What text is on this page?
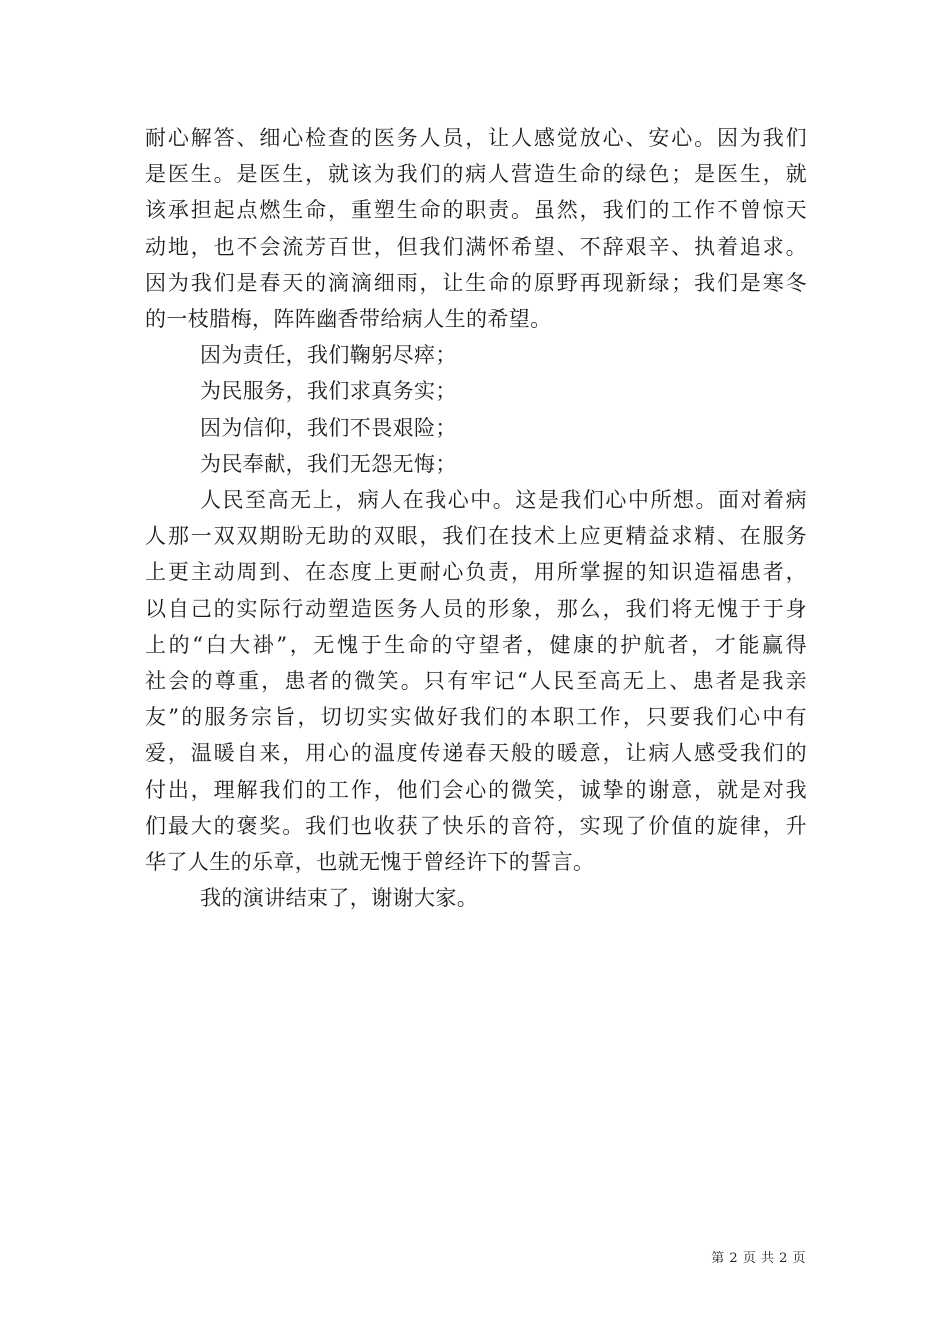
耐心解答、细心检查的医务人员，让人感觉放心、安心。因为我们
是医生。是医生，就该为我们的病人营造生命的绿色；是医生，就
该承担起点燃生命，重塑生命的职责。虽然，我们的工作不曾惊天
动地，也不会流芳百世，但我们满怀希望、不辞艰辛、执着追求。
因为我们是春天的滴滴细雨，让生命的原野再现新绿；我们是寒冬
的一枝腊梅，阵阵幽香带给病人生的希望。

因为责任，我们鞠躬尽瘁；

为民服务，我们求真务实；

因为信仰，我们不畏艰险；

为民奉献，我们无怨无悔；

人民至高无上，病人在我心中。这是我们心中所想。面对着病
人那一双双期盼无助的双眼，我们在技术上应更精益求精、在服务
上更主动周到、在态度上更耐心负责，用所掌握的知识造福患者，
以自己的实际行动塑造医务人员的形象，那么，我们将无愧于于身
上的“白大褂”，无愧于生命的守望者，健康的护航者，才能赢得
社会的尊重，患者的微笑。只有牢记“人民至高无上、患者是我亲
友”的服务宗旨，切切实实做好我们的本职工作，只要我们心中有
爱，温暖自来，用心的温度传递春天般的暖意，让病人感受我们的
付出，理解我们的工作，他们会心的微笑，诚挚的谢意，就是对我
们最大的褒奖。我们也收获了快乐的音符，实现了价值的旋律，升
华了人生的乐章，也就无愧于曾经许下的誓言。

我的演讲结束了，谢谢大家。

第 2 页 共 2 页
